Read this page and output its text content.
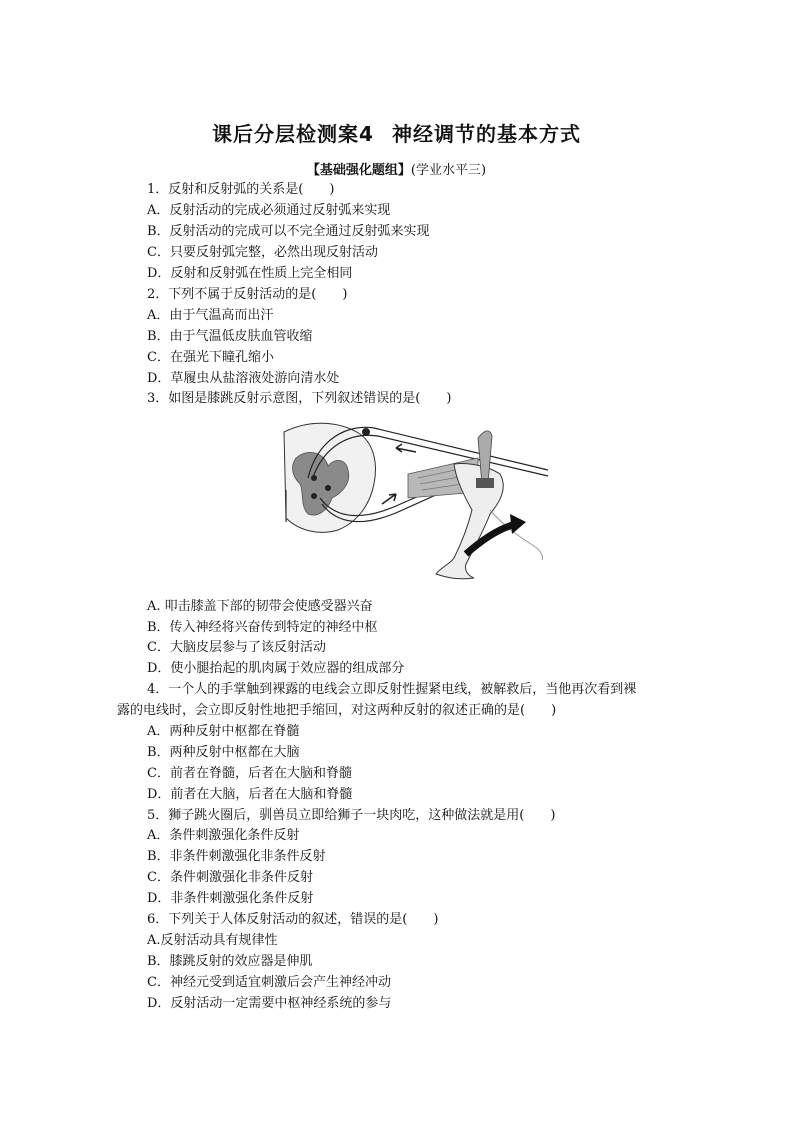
课后分层检测案4 神经调节的基本方式
【基础强化题组】(学业水平三)
1．反射和反射弧的关系是(　　)
A．反射活动的完成必须通过反射弧来实现
B．反射活动的完成可以不完全通过反射弧来实现
C．只要反射弧完整，必然出现反射活动
D．反射和反射弧在性质上完全相同
2．下列不属于反射活动的是(　　)
A．由于气温高而出汗
B．由于气温低皮肤血管收缩
C．在强光下瞳孔缩小
D．草履虫从盐溶液处游向清水处
3．如图是膝跳反射示意图，下列叙述错误的是(　　)
A. 叩击膝盖下部的韧带会使感受器兴奋
B．传入神经将兴奋传到特定的神经中枢
C．大脑皮层参与了该反射活动
D．使小腿抬起的肌肉属于效应器的组成部分
4．一个人的手掌触到裸露的电线会立即反射性握紧电线，被解救后，当他再次看到裸
露的电线时，会立即反射性地把手缩回，对这两种反射的叙述正确的是(　　)
A．两种反射中枢都在脊髓
B．两种反射中枢都在大脑
C．前者在脊髓，后者在大脑和脊髓
D．前者在大脑，后者在大脑和脊髓
5．狮子跳火圈后，驯兽员立即给狮子一块肉吃，这种做法就是用(　　)
A．条件刺激强化条件反射
B．非条件刺激强化非条件反射
C．条件刺激强化非条件反射
D．非条件刺激强化条件反射
6．下列关于人体反射活动的叙述，错误的是(　　)
A.反射活动具有规律性
B．膝跳反射的效应器是伸肌
C．神经元受到适宜刺激后会产生神经冲动
D．反射活动一定需要中枢神经系统的参与
